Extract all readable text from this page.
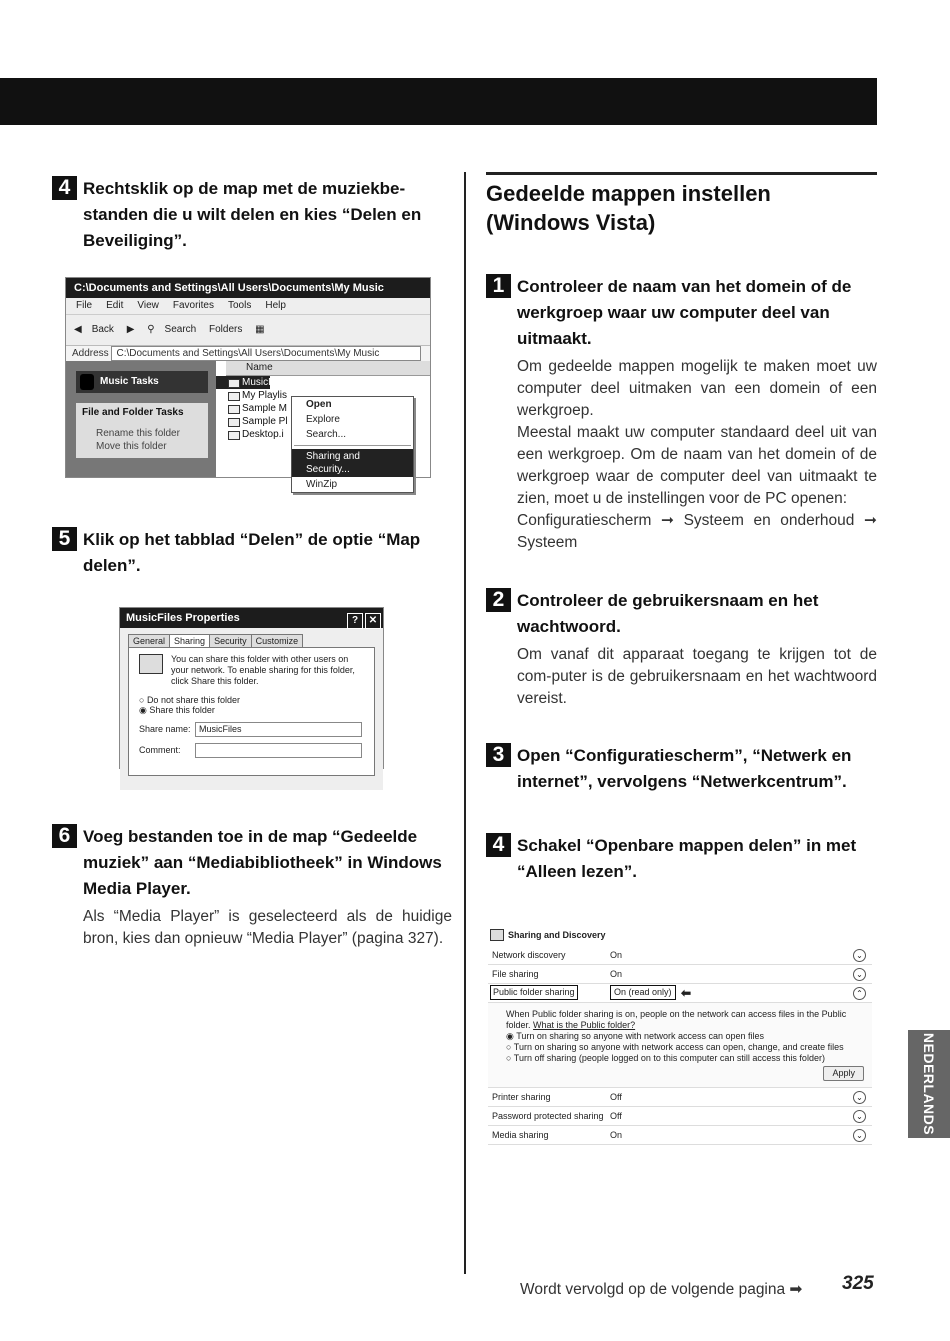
NEDERLANDS
4 Rechtsklik op de map met de muziekbe-standen die u wilt delen en kies “Delen en Beveiliging”.
C:\Documents and Settings\All Users\Documents\My Music
File Edit View Favorites Tools Help
◀ Back ▶ ⚲ Search Folders ▦
Address C:\Documents and Settings\All Users\Documents\My Music
Music Tasks
File and Folder Tasks
Rename this folder
Move this folder
Name
MusicFiles
My Playlis
Sample M
Sample Pl
Desktop.i
Open
Explore
Search...
Sharing and Security...
WinZip
5 Klik op het tabblad “Delen” de optie “Map delen”.
MusicFiles Properties	? ✕
General Sharing Security Customize
You can share this folder with other users on your network. To enable sharing for this folder, click Share this folder.
○ Do not share this folder
◉ Share this folder
Share name: MusicFiles
Comment:
6 Voeg bestanden toe in de map “Gedeelde muziek” aan “Mediabibliotheek” in Windows Media Player.

Als “Media Player” is geselecteerd als de huidige bron, kies dan opnieuw “Media Player” (pagina 327).

Gedeelde mappen instellen (Windows Vista)
1 Controleer de naam van het domein of de werkgroep waar uw computer deel van uitmaakt.

Om gedeelde mappen mogelijk te maken moet uw computer deel uitmaken van een domein of een werkgroep.

Meestal maakt uw computer standaard deel uit van een werkgroep. Om de naam van het domein of de werkgroep waar de computer deel van uitmaakt te zien, moet u de instellingen voor de PC openen:

Configuratiescherm ➞ Systeem en onderhoud ➞ Systeem

2 Controleer de gebruikersnaam en het wachtwoord.

Om vanaf dit apparaat toegang te krijgen tot de com-puter is de gebruikersnaam en het wachtwoord vereist.

3 Open “Configuratiescherm”, “Netwerk en internet”, vervolgens “Netwerkcentrum”.
4 Schakel “Openbare mappen delen” in met “Alleen lezen”.
Sharing and Discovery
Network discovery	On	⌄
File sharing	On	⌄
Public folder sharing	On (read only) ⬅	⌃
When Public folder sharing is on, people on the network can access files in the Public folder. What is the Public folder?
◉ Turn on sharing so anyone with network access can open files
○ Turn on sharing so anyone with network access can open, change, and create files
○ Turn off sharing (people logged on to this computer can still access this folder)
Apply
Printer sharing	Off	⌄
Password protected sharing Off	⌄
Media sharing	On	⌄
Wordt vervolgd op de volgende pagina ➡ 325
